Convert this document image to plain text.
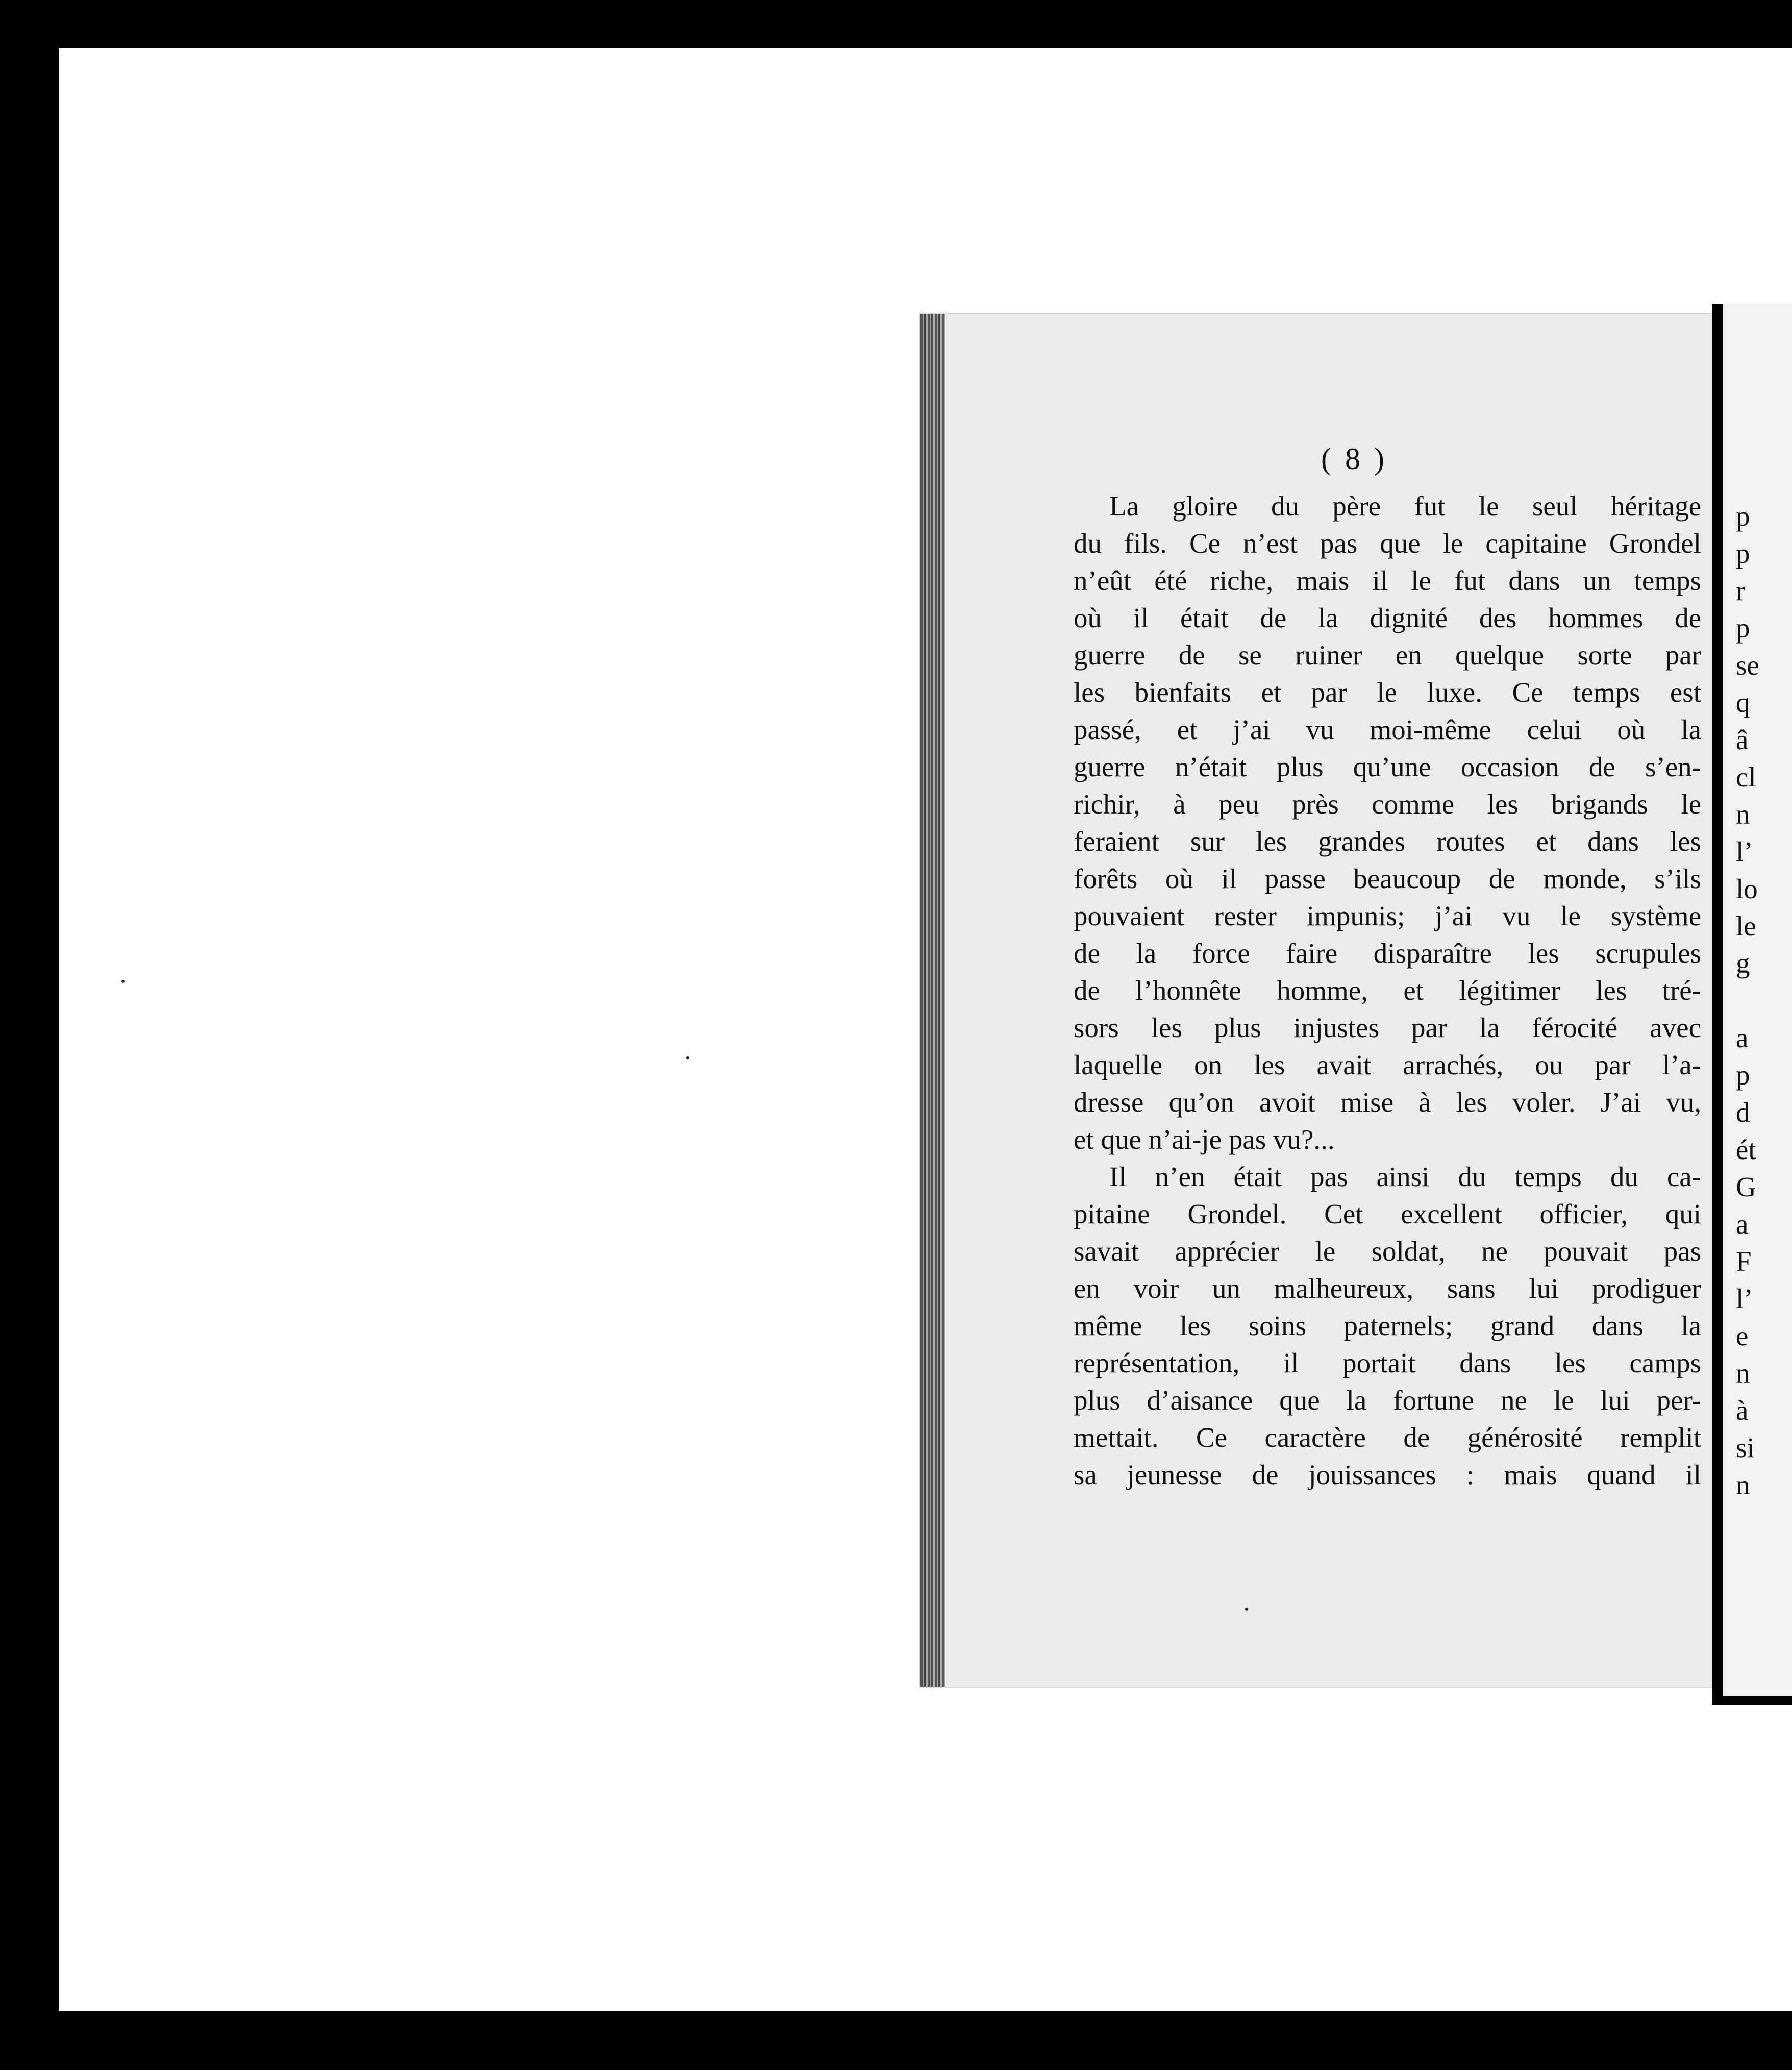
( 8 )
La gloire du père fut le seul héritage
du fils. Ce n’est pas que le capitaine Grondel
n’eût été riche, mais il le fut dans un temps
où il était de la dignité des hommes de
guerre de se ruiner en quelque sorte par
les bienfaits et par le luxe. Ce temps est
passé, et j’ai vu moi-même celui où la
guerre n’était plus qu’une occasion de s’en-
richir, à peu près comme les brigands le
feraient sur les grandes routes et dans les
forêts où il passe beaucoup de monde, s’ils
pouvaient rester impunis; j’ai vu le système
de la force faire disparaître les scrupules
de l’honnête homme, et légitimer les tré-
sors les plus injustes par la férocité avec
laquelle on les avait arrachés, ou par l’a-
dresse qu’on avoit mise à les voler. J’ai vu,
et que n’ai-je pas vu?...
Il n’en était pas ainsi du temps du ca-
pitaine Grondel. Cet excellent officier, qui
savait apprécier le soldat, ne pouvait pas
en voir un malheureux, sans lui prodiguer
même les soins paternels; grand dans la
représentation, il portait dans les camps
plus d’aisance que la fortune ne le lui per-
mettait. Ce caractère de générosité remplit
sa jeunesse de jouissances : mais quand il
p
p
r
p
se
q
â
cl
n
l’
lo
le
g
a
p
d
ét
G
a
F
l’
e
n
à
si
n
